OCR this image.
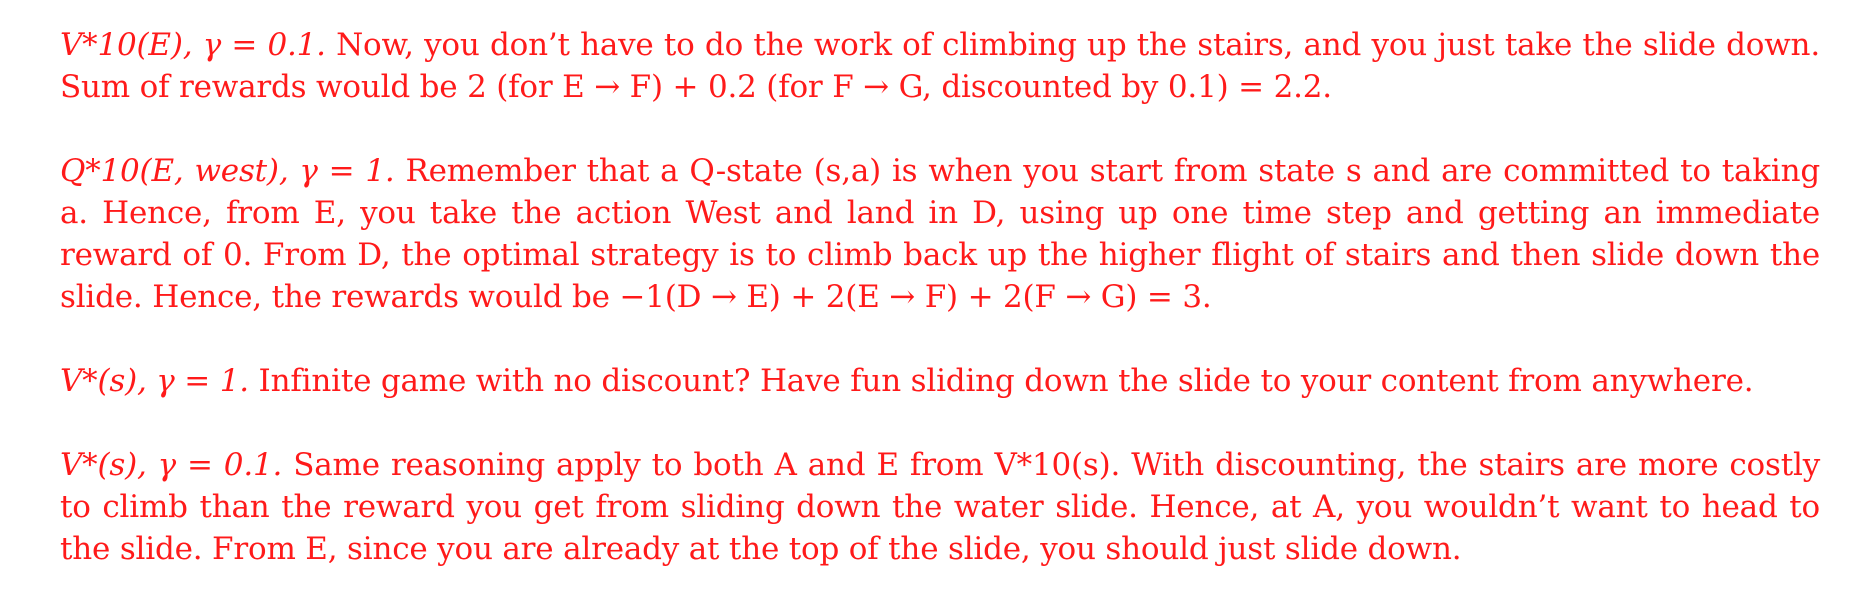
V*10(E), γ = 0.1. Now, you don’t have to do the work of climbing up the stairs, and you just take the slide down. Sum of rewards would be 2 (for E → F) + 0.2 (for F → G, discounted by 0.1) = 2.2.

Q*10(E, west), γ = 1. Remember that a Q-state (s,a) is when you start from state s and are committed to taking a. Hence, from E, you take the action West and land in D, using up one time step and getting an immediate reward of 0. From D, the optimal strategy is to climb back up the higher flight of stairs and then slide down the slide. Hence, the rewards would be −1(D → E) + 2(E → F) + 2(F → G) = 3.

V*(s), γ = 1. Infinite game with no discount? Have fun sliding down the slide to your content from anywhere.

V*(s), γ = 0.1. Same reasoning apply to both A and E from V*10(s). With discounting, the stairs are more costly to climb than the reward you get from sliding down the water slide. Hence, at A, you wouldn’t want to head to the slide. From E, since you are already at the top of the slide, you should just slide down.
